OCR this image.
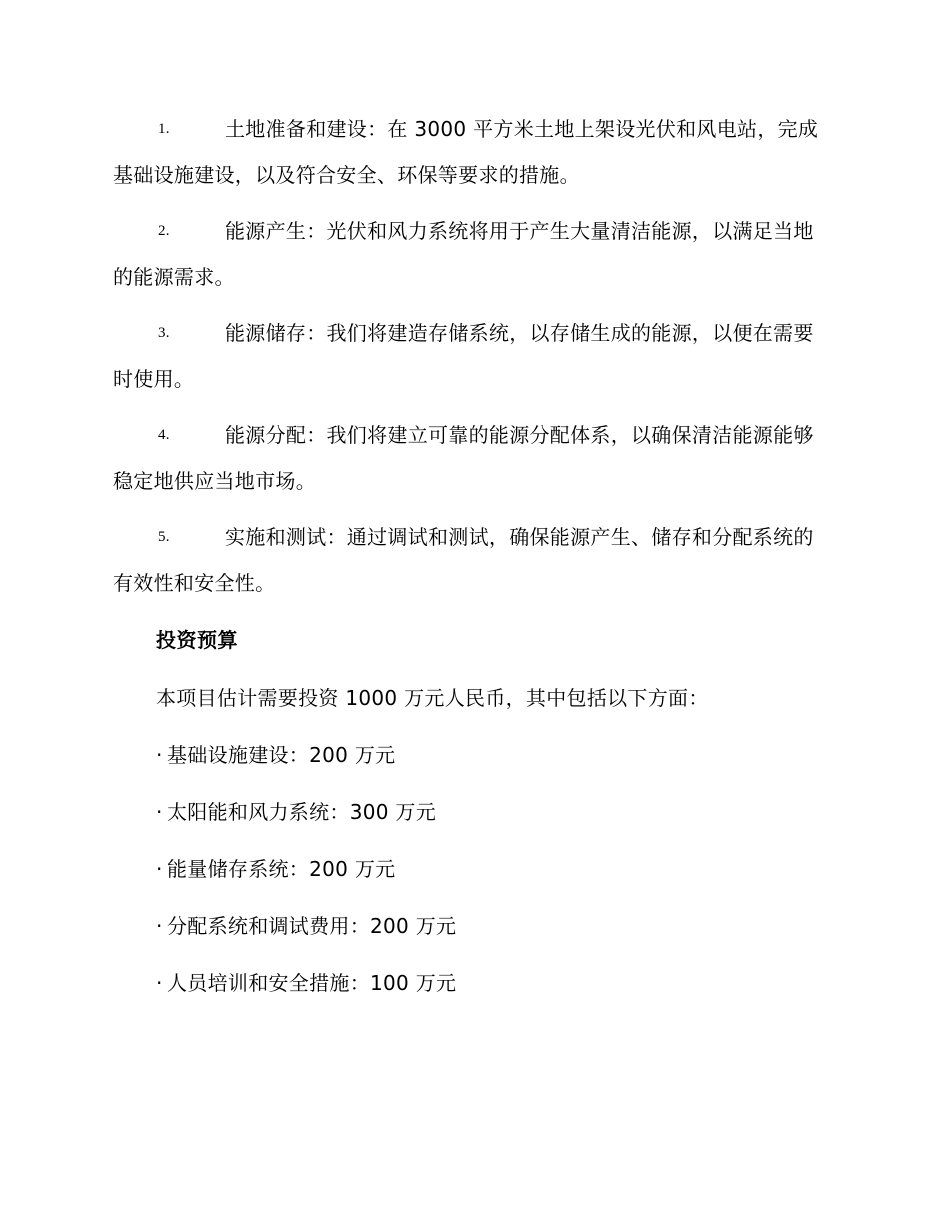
1.	土地准备和建设：在 3000 平方米土地上架设光伏和风电站，完成基础设施建设，以及符合安全、环保等要求的措施。
2.	能源产生：光伏和风力系统将用于产生大量清洁能源，以满足当地的能源需求。
3.	能源储存：我们将建造存储系统，以存储生成的能源，以便在需要时使用。
4.	能源分配：我们将建立可靠的能源分配体系，以确保清洁能源能够稳定地供应当地市场。
5.	实施和测试：通过调试和测试，确保能源产生、储存和分配系统的有效性和安全性。
投资预算
本项目估计需要投资 1000 万元人民币，其中包括以下方面：
· 基础设施建设：200 万元
· 太阳能和风力系统：300 万元
· 能量储存系统：200 万元
· 分配系统和调试费用：200 万元
· 人员培训和安全措施：100 万元
